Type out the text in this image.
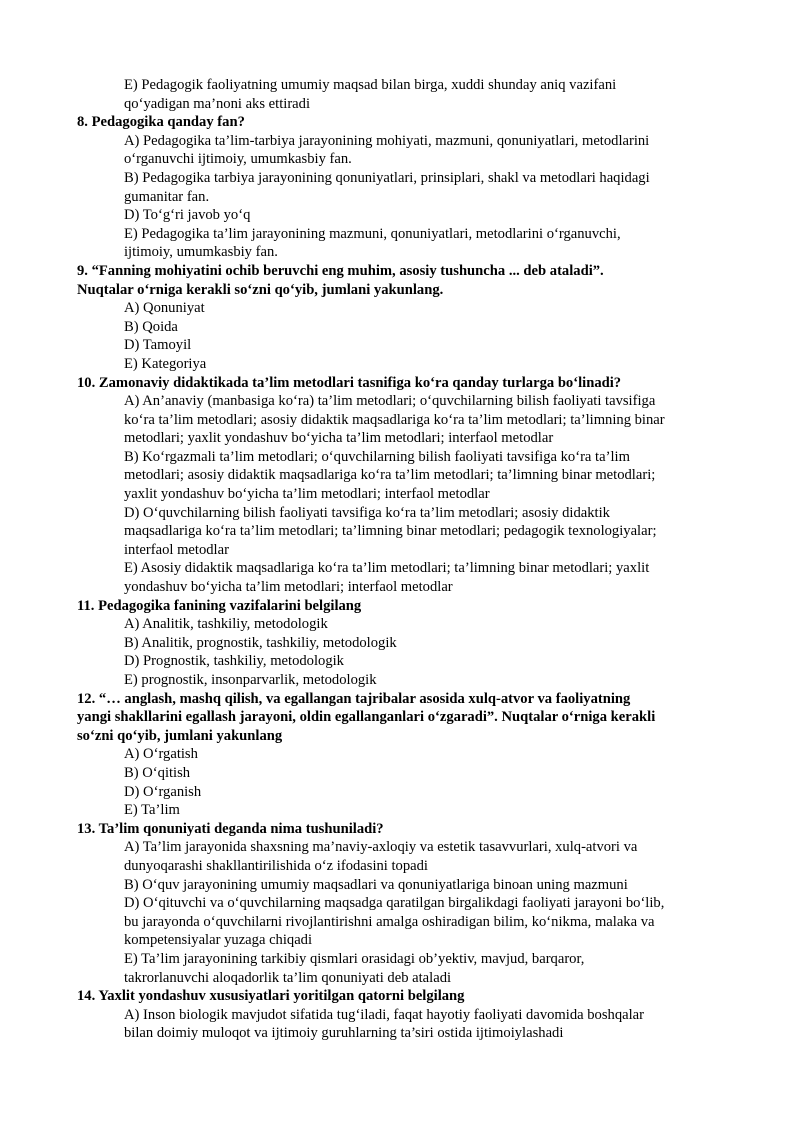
E) Pedagogik faoliyatning umumiy maqsad bilan birga, xuddi shunday aniq vazifani
qo‘yadigan ma’noni aks ettiradi
8. Pedagogika qanday fan?
A) Pedagogika ta’lim-tarbiya jarayonining mohiyati, mazmuni, qonuniyatlari, metodlarini
o‘rganuvchi ijtimoiy, umumkasbiy fan.
B) Pedagogika tarbiya jarayonining qonuniyatlari, prinsiplari, shakl va metodlari haqidagi
gumanitar fan.
D) To‘g‘ri javob yo‘q
E) Pedagogika ta’lim jarayonining mazmuni, qonuniyatlari, metodlarini o‘rganuvchi,
ijtimoiy, umumkasbiy fan.
9. “Fanning mohiyatini ochib beruvchi eng muhim, asosiy tushuncha ... deb ataladi”.
Nuqtalar o‘rniga kerakli so‘zni qo‘yib, jumlani yakunlang.
A) Qonuniyat
B) Qoida
D) Tamoyil
E) Kategoriya
10. Zamonaviy didaktikada ta’lim metodlari tasnifiga ko‘ra qanday turlarga bo‘linadi?
A) An’anaviy (manbasiga ko‘ra) ta’lim metodlari; o‘quvchilarning bilish faoliyati tavsifiga
ko‘ra ta’lim metodlari; asosiy didaktik maqsadlariga ko‘ra ta’lim metodlari; ta’limning binar
metodlari; yaxlit yondashuv bo‘yicha ta’lim metodlari; interfaol metodlar
B) Ko‘rgazmali ta’lim metodlari; o‘quvchilarning bilish faoliyati tavsifiga ko‘ra ta’lim
metodlari; asosiy didaktik maqsadlariga ko‘ra ta’lim metodlari; ta’limning binar metodlari;
yaxlit yondashuv bo‘yicha ta’lim metodlari; interfaol metodlar
D) O‘quvchilarning bilish faoliyati tavsifiga ko‘ra ta’lim metodlari; asosiy didaktik
maqsadlariga ko‘ra ta’lim metodlari; ta’limning binar metodlari; pedagogik texnologiyalar;
interfaol metodlar
E) Asosiy didaktik maqsadlariga ko‘ra ta’lim metodlari; ta’limning binar metodlari; yaxlit
yondashuv bo‘yicha ta’lim metodlari; interfaol metodlar
11. Pedagogika fanining vazifalarini belgilang
A) Analitik, tashkiliy, metodologik
B) Analitik, prognostik, tashkiliy, metodologik
D) Prognostik, tashkiliy, metodologik
E) prognostik, insonparvarlik, metodologik
12. “… anglash, mashq qilish, va egallangan tajribalar asosida xulq-atvor va faoliyatning
yangi shakllarini egallash jarayoni, oldin egallanganlari o‘zgaradi”. Nuqtalar o‘rniga kerakli
so‘zni qo‘yib, jumlani yakunlang
A) O‘rgatish
B) O‘qitish
D) O‘rganish
E) Ta’lim
13. Ta’lim qonuniyati deganda nima tushuniladi?
A) Ta’lim jarayonida shaxsning ma’naviy-axloqiy va estetik tasavvurlari, xulq-atvori va
dunyoqarashi shakllantirilishida o‘z ifodasini topadi
B) O‘quv jarayonining umumiy maqsadlari va qonuniyatlariga binoan uning mazmuni
D) O‘qituvchi va o‘quvchilarning maqsadga qaratilgan birgalikdagi faoliyati jarayoni bo‘lib,
bu jarayonda o‘quvchilarni rivojlantirishni amalga oshiradigan bilim, ko‘nikma, malaka va
kompetensiyalar yuzaga chiqadi
E) Ta’lim jarayonining tarkibiy qismlari orasidagi ob’yektiv, mavjud, barqaror,
takrorlanuvchi aloqadorlik ta’lim qonuniyati deb ataladi
14. Yaxlit yondashuv xususiyatlari yoritilgan qatorni belgilang
A) Inson biologik mavjudot sifatida tug‘iladi, faqat hayotiy faoliyati davomida boshqalar
bilan doimiy muloqot va ijtimoiy guruhlarning ta’siri ostida ijtimoiylashadi
